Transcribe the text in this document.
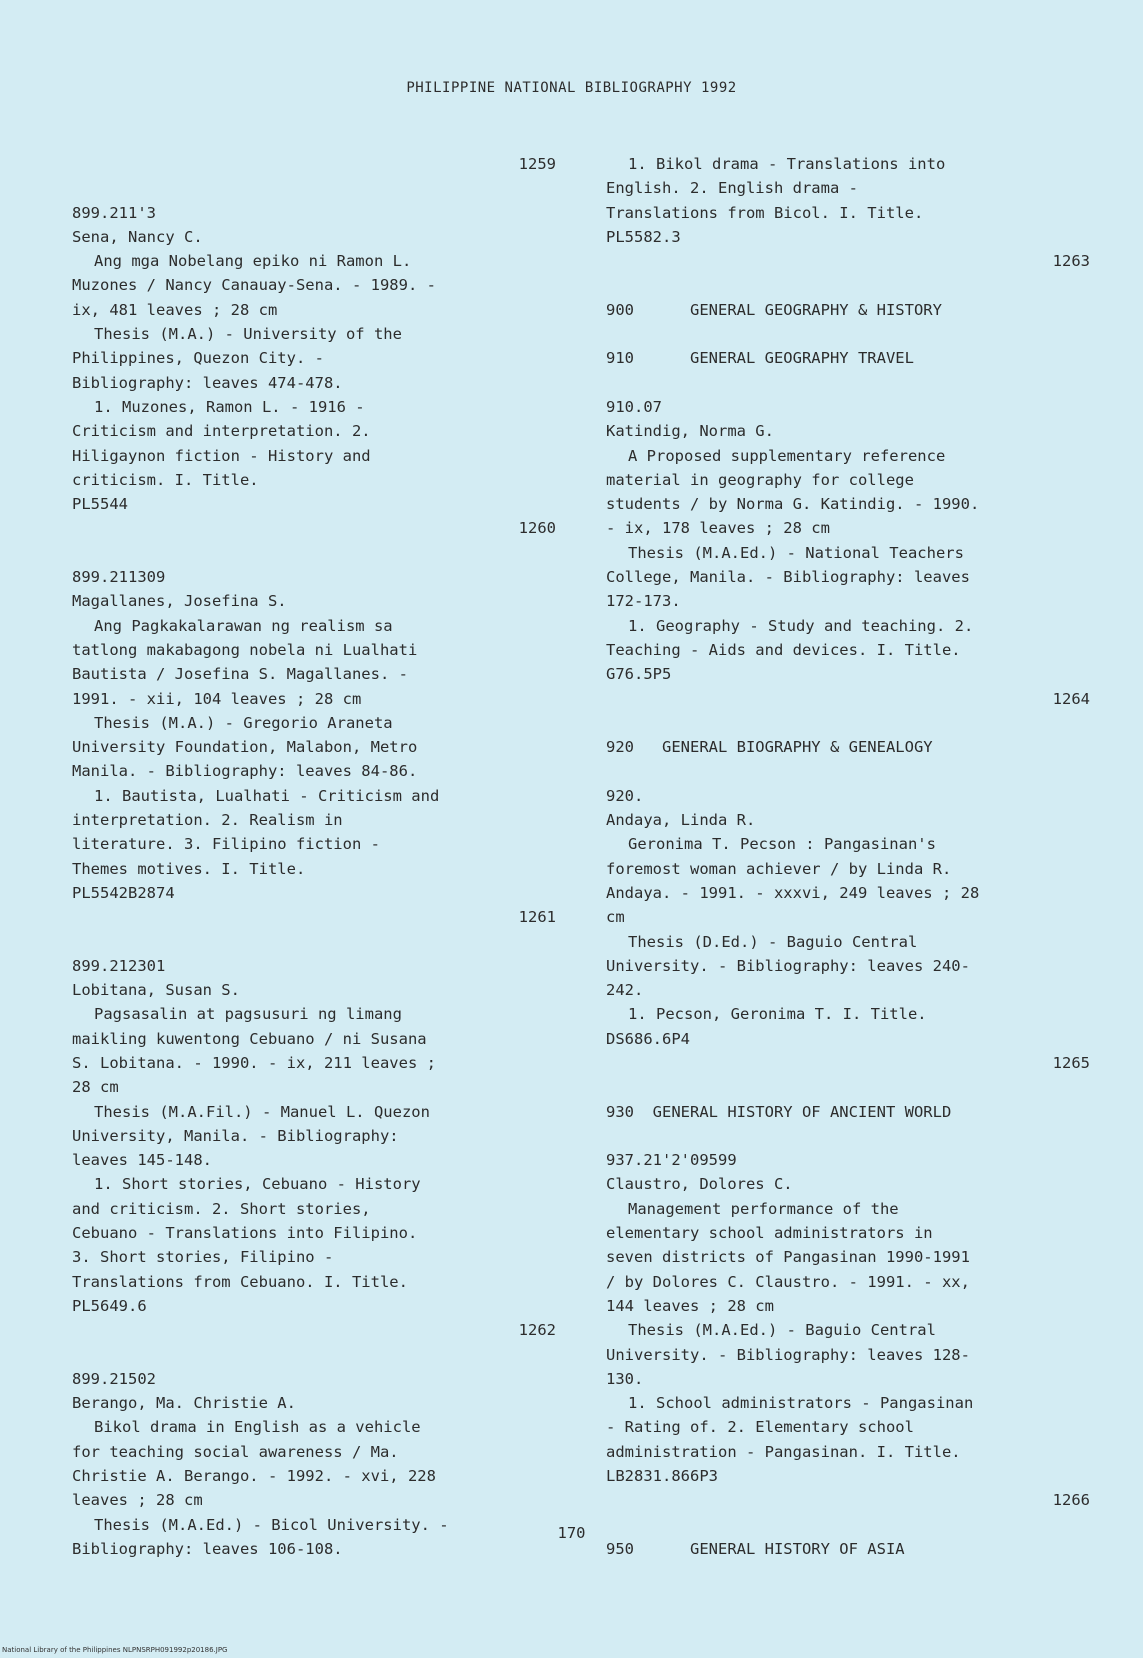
PHILIPPINE NATIONAL BIBLIOGRAPHY 1992

1259

899.211'3

Sena, Nancy C.

Ang mga Nobelang epiko ni Ramon L.

Muzones / Nancy Canauay-Sena. - 1989. -

ix, 481 leaves ; 28 cm

Thesis (M.A.) - University of the

Philippines, Quezon City. -

Bibliography: leaves 474-478.

1. Muzones, Ramon L. - 1916 -

Criticism and interpretation. 2.

Hiligaynon fiction - History and

criticism. I. Title.

PL5544

1260

899.211309

Magallanes, Josefina S.

Ang Pagkakalarawan ng realism sa

tatlong makabagong nobela ni Lualhati

Bautista / Josefina S. Magallanes. -

1991. - xii, 104 leaves ; 28 cm

Thesis (M.A.) - Gregorio Araneta

University Foundation, Malabon, Metro

Manila. - Bibliography: leaves 84-86.

1. Bautista, Lualhati - Criticism and

interpretation. 2. Realism in

literature. 3. Filipino fiction -

Themes motives. I. Title.

PL5542B2874

1261

899.212301

Lobitana, Susan S.

Pagsasalin at pagsusuri ng limang

maikling kuwentong Cebuano / ni Susana

S. Lobitana. - 1990. - ix, 211 leaves ;

28 cm

Thesis (M.A.Fil.) - Manuel L. Quezon

University, Manila. - Bibliography:

leaves 145-148.

1. Short stories, Cebuano - History

and criticism. 2. Short stories,

Cebuano - Translations into Filipino.

3. Short stories, Filipino -

Translations from Cebuano. I. Title.

PL5649.6

1262

899.21502

Berango, Ma. Christie A.

Bikol drama in English as a vehicle

for teaching social awareness / Ma.

Christie A. Berango. - 1992. - xvi, 228

leaves ; 28 cm

Thesis (M.A.Ed.) - Bicol University. -

Bibliography: leaves 106-108.

1. Bikol drama - Translations into

English. 2. English drama -

Translations from Bicol. I. Title.

PL5582.3

1263

900      GENERAL GEOGRAPHY & HISTORY

910      GENERAL GEOGRAPHY TRAVEL

910.07

Katindig, Norma G.

A Proposed supplementary reference

material in geography for college

students / by Norma G. Katindig. - 1990.

- ix, 178 leaves ; 28 cm

Thesis (M.A.Ed.) - National Teachers

College, Manila. - Bibliography: leaves

172-173.

1. Geography - Study and teaching. 2.

Teaching - Aids and devices. I. Title.

G76.5P5

1264

920   GENERAL BIOGRAPHY & GENEALOGY

920.

Andaya, Linda R.

Geronima T. Pecson : Pangasinan's

foremost woman achiever / by Linda R.

Andaya. - 1991. - xxxvi, 249 leaves ; 28

cm

Thesis (D.Ed.) - Baguio Central

University. - Bibliography: leaves 240-

242.

1. Pecson, Geronima T. I. Title.

DS686.6P4

1265

930  GENERAL HISTORY OF ANCIENT WORLD

937.21'2'09599

Claustro, Dolores C.

Management performance of the

elementary school administrators in

seven districts of Pangasinan 1990-1991

/ by Dolores C. Claustro. - 1991. - xx,

144 leaves ; 28 cm

Thesis (M.A.Ed.) - Baguio Central

University. - Bibliography: leaves 128-

130.

1. School administrators - Pangasinan

- Rating of. 2. Elementary school

administration - Pangasinan. I. Title.

LB2831.866P3

1266

950      GENERAL HISTORY OF ASIA

170
National Library of the Philippines NLPNSRPH091992p20186.JPG
